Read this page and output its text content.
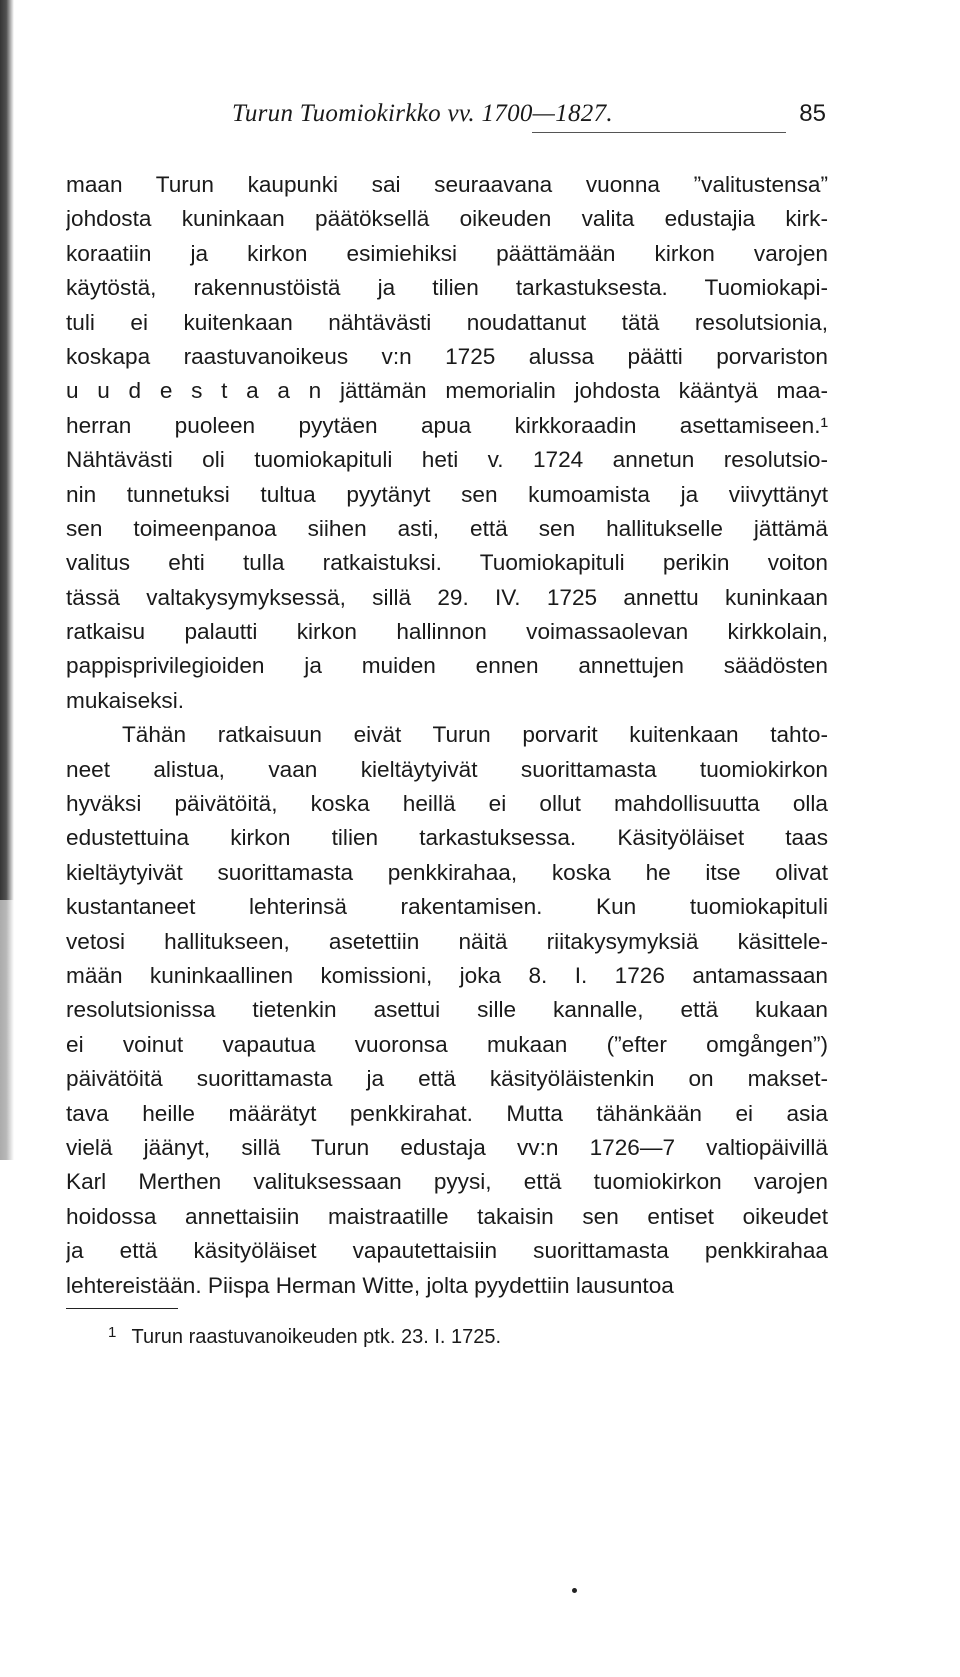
Turun Tuomiokirkko vv. 1700—1827.	85
maan Turun kaupunki sai seuraavana vuonna ”valitustensa”
johdosta kuninkaan päätöksellä oikeuden valita edustajia kirk-
koraatiin ja kirkon esimiehiksi päättämään kirkon varojen
käytöstä, rakennustöistä ja tilien tarkastuksesta. Tuomiokapi-
tuli ei kuitenkaan nähtävästi noudattanut tätä resolutsionia,
koskapa raastuvanoikeus v:n 1725 alussa päätti porvariston
u u d e s t a a n jättämän memorialin johdosta kääntyä maa-
herran puoleen pyytäen apua kirkkoraadin asettamiseen.¹
Nähtävästi oli tuomiokapituli heti v. 1724 annetun resolutsio-
nin tunnetuksi tultua pyytänyt sen kumoamista ja viivyttänyt
sen toimeenpanoa siihen asti, että sen hallitukselle jättämä
valitus ehti tulla ratkaistuksi. Tuomiokapituli perikin voiton
tässä valtakysymyksessä, sillä 29. IV. 1725 annettu kuninkaan
ratkaisu palautti kirkon hallinnon voimassaolevan kirkkolain,
pappisprivilegioiden ja muiden ennen annettujen säädösten
mukaiseksi.
Tähän ratkaisuun eivät Turun porvarit kuitenkaan tahto-
neet alistua, vaan kieltäytyivät suorittamasta tuomiokirkon
hyväksi päivätöitä, koska heillä ei ollut mahdollisuutta olla
edustettuina kirkon tilien tarkastuksessa. Käsityöläiset taas
kieltäytyivät suorittamasta penkkirahaa, koska he itse olivat
kustantaneet lehterinsä rakentamisen. Kun tuomiokapituli
vetosi hallitukseen, asetettiin näitä riitakysymyksiä käsittele-
mään kuninkaallinen komissioni, joka 8. I. 1726 antamassaan
resolutsionissa tietenkin asettui sille kannalle, että kukaan
ei voinut vapautua vuoronsa mukaan (”efter omgången”)
päivätöitä suorittamasta ja että käsityöläistenkin on makset-
tava heille määrätyt penkkirahat. Mutta tähänkään ei asia
vielä jäänyt, sillä Turun edustaja vv:n 1726—7 valtiopäivillä
Karl Merthen valituksessaan pyysi, että tuomiokirkon varojen
hoidossa annettaisiin maistraatille takaisin sen entiset oikeudet
ja että käsityöläiset vapautettaisiin suorittamasta penkkirahaa
lehtereistään. Piispa Herman Witte, jolta pyydettiin lausuntoa
$^1$ Turun raastuvanoikeuden ptk. 23. I. 1725.
